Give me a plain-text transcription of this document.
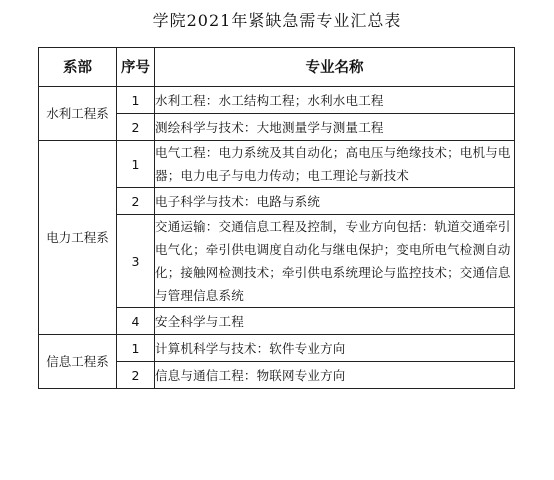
学院2021年紧缺急需专业汇总表
系部	序号	专业名称
水利工程系	1	水利工程：水工结构工程；水利水电工程
	2	测绘科学与技术：大地测量学与测量工程
电力工程系	1	电气工程：电力系统及其自动化；高电压与绝缘技术；电机与电器；电力电子与电力传动；电工理论与新技术
	2	电子科学与技术：电路与系统
	3	交通运输：交通信息工程及控制，专业方向包括：轨道交通牵引电气化；牵引供电调度自动化与继电保护；变电所电气检测自动化；接触网检测技术；牵引供电系统理论与监控技术；交通信息与管理信息系统
	4	安全科学与工程
信息工程系	1	计算机科学与技术：软件专业方向
	2	信息与通信工程：物联网专业方向
